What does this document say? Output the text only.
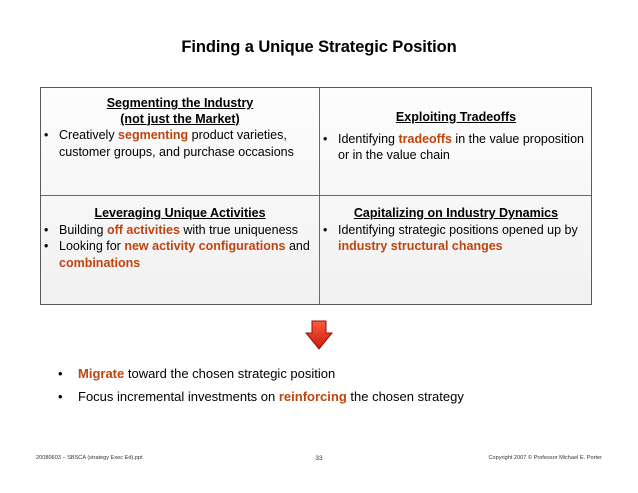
Finding a Unique Strategic Position
Segmenting the Industry
(not just the Market)
• Creatively segmenting product varieties, customer groups, and purchase occasions
Exploiting Tradeoffs
• Identifying tradeoffs in the value proposition or in the value chain
Leveraging Unique Activities
• Building off activities with true uniqueness
• Looking for new activity configurations and combinations
Capitalizing on Industry Dynamics
• Identifying strategic positions opened up by industry structural changes
• Migrate toward the chosen strategic position
• Focus incremental investments on reinforcing the chosen strategy
20080603 – SBSCA (strategy Exec Ed).ppt	33	Copyright 2007 © Professor Michael E. Porter
